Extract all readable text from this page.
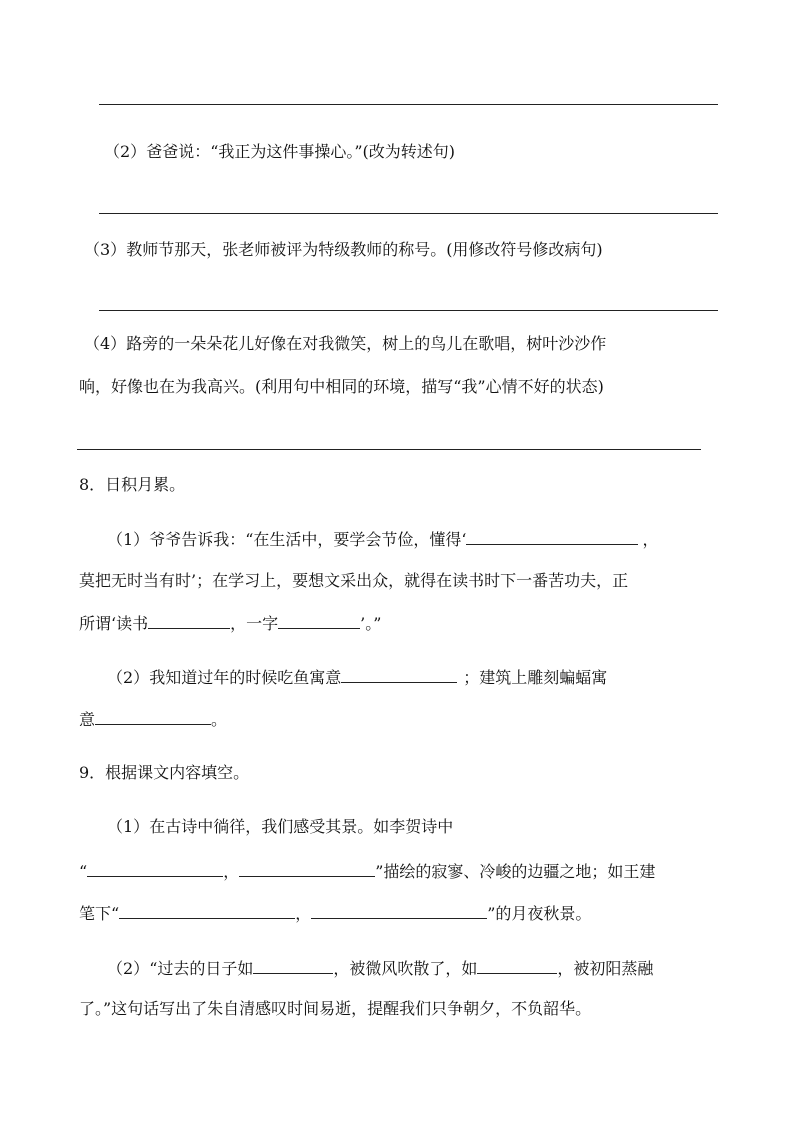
（2）爸爸说：“我正为这件事操心。”(改为转述句)
（3）教师节那天，张老师被评为特级教师的称号。(用修改符号修改病句)
（4）路旁的一朵朵花儿好像在对我微笑，树上的鸟儿在歌唱，树叶沙沙作
响，好像也在为我高兴。(利用句中相同的环境，描写“我”心情不好的状态)
8．日积月累。
（1）爷爷告诉我：“在生活中，要学会节俭，懂得‘	，
莫把无时当有时’；在学习上，要想文采出众，就得在读书时下一番苦功夫，正
所谓‘读书	，一字	’。”
（2）我知道过年的时候吃鱼寓意	；建筑上雕刻蝙蝠寓
意	。
9．根据课文内容填空。
（1）在古诗中徜徉，我们感受其景。如李贺诗中
“	，	”描绘的寂寥、冷峻的边疆之地；如王建
笔下“	，	”的月夜秋景。
（2）“过去的日子如	，被微风吹散了，如	，被初阳蒸融
了。”这句话写出了朱自清感叹时间易逝，提醒我们只争朝夕，不负韶华。
